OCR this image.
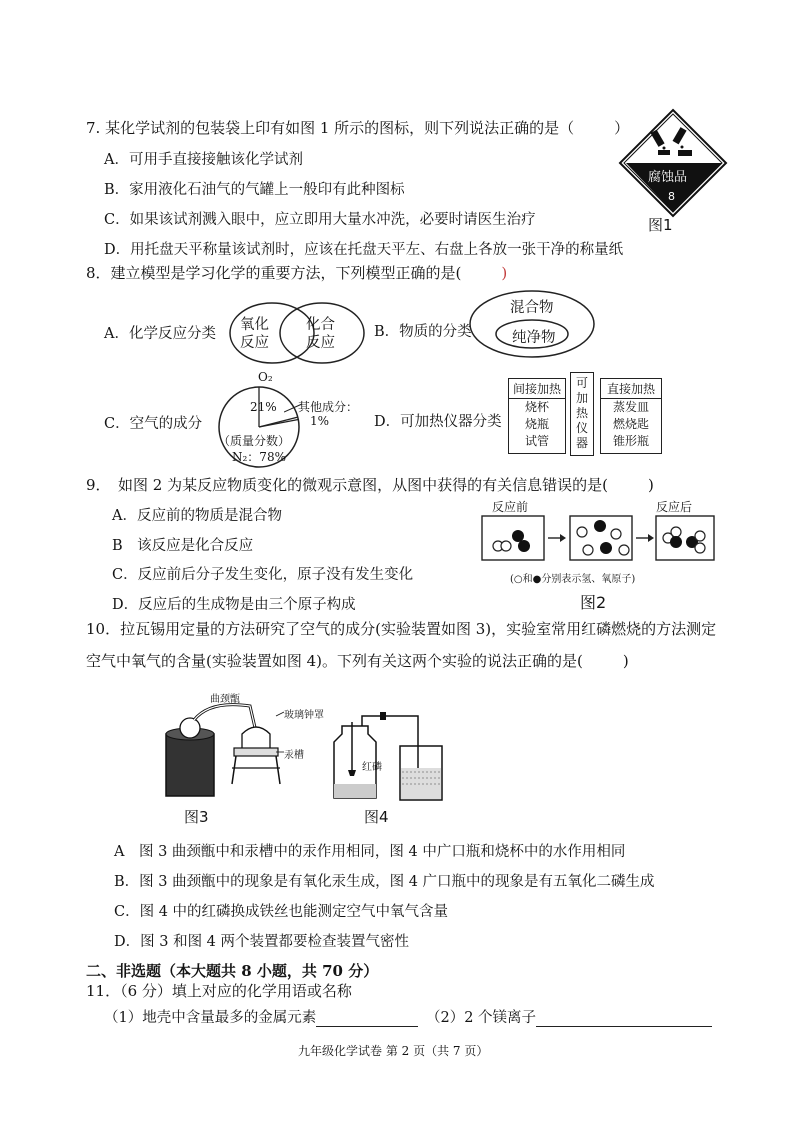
7. 某化学试剂的包装袋上印有如图 1 所示的图标，则下列说法正确的是（	）
A．可用手直接接触该化学试剂
B．家用液化石油气的气罐上一般印有此种图标
C．如果该试剂溅入眼中，应立即用大量水冲洗，必要时请医生治疗
D．用托盘天平称量该试剂时，应该在托盘天平左、右盘上各放一张干净的称量纸
腐蚀品
8
图1
8．建立模型是学习化学的重要方法，下列模型正确的是(	)
A．化学反应分类
氧化
反应
化合
反应
B．物质的分类
混合物
纯净物
C．空气的成分
O₂
21% 其他成分：
1%
（质量分数）
N₂：78%
D．可加热仪器分类
间接加热
烧杯
烧瓶
试管
可
加
热
仪
器
直接加热
蒸发皿
燃烧匙
锥形瓶
9．　如图 2 为某反应物质变化的微观示意图，从图中获得的有关信息错误的是(	)
A．反应前的物质是混合物
B　该反应是化合反应
C．反应前后分子发生变化，原子没有发生变化
D．反应后的生成物是由三个原子构成
反应前	反应后
(○和●分别表示氢、氧原子)
图2
10．拉瓦锡用定量的方法研究了空气的成分(实验装置如图 3)，实验室常用红磷燃烧的方法测定
空气中氧气的含量(实验装置如图 4)。下列有关这两个实验的说法正确的是(	)
曲颈甑
玻璃钟罩
汞槽
图3
红磷
图4
A　图 3 曲颈甑中和汞槽中的汞作用相同，图 4 中广口瓶和烧杯中的水作用相同
B．图 3 曲颈甑中的现象是有氧化汞生成，图 4 广口瓶中的现象是有五氧化二磷生成
C．图 4 中的红磷换成铁丝也能测定空气中氧气含量
D．图 3 和图 4 两个装置都要检查装置气密性
二、非选题（本大题共 8 小题，共 70 分）
11．（6 分）填上对应的化学用语或名称
（1）地壳中含量最多的金属元素	（2）2 个镁离子
九年级化学试卷 第 2 页（共 7 页）
